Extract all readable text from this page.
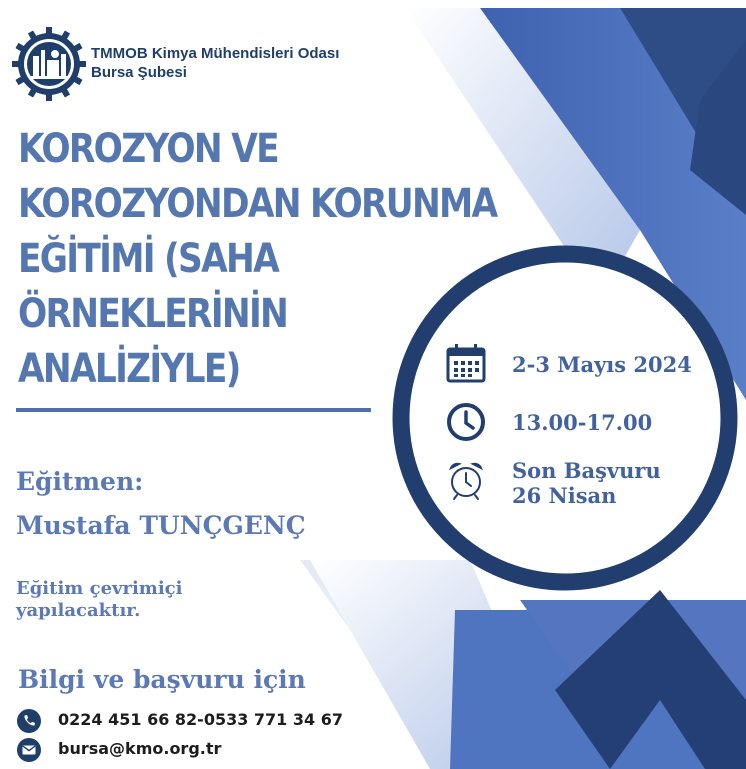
TMMOB Kimya Mühendisleri Odası
Bursa Şubesi
KOROZYON VE
KOROZYONDAN KORUNMA
EĞİTİMİ (SAHA
ÖRNEKLERİNİN
ANALİZİYLE)
Eğitmen:
Mustafa TUNÇGENÇ
Eğitim çevrimiçi
yapılacaktır.
Bilgi ve başvuru için
0224 451 66 82-0533 771 34 67
bursa@kmo.org.tr
2-3 Mayıs 2024
13.00-17.00
Son Başvuru
26 Nisan
